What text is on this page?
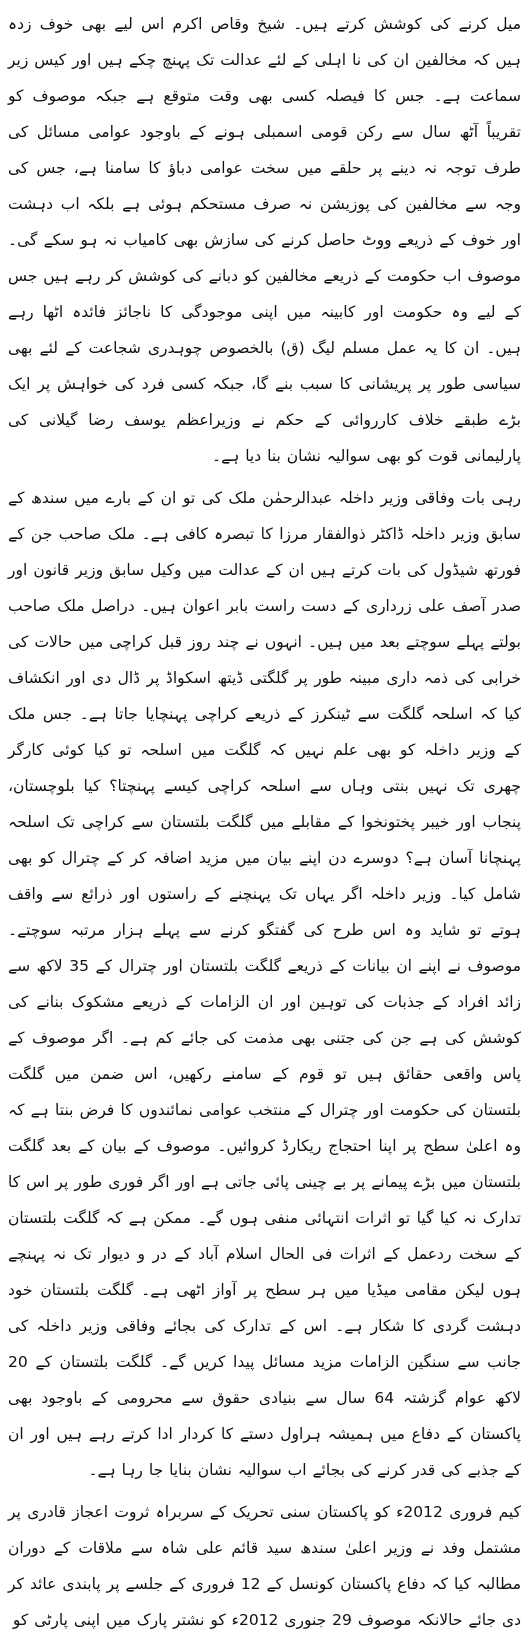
میل کرنے کی کوشش کرتے ہیں۔ شیخ وقاص اکرم اس لیے بھی خوف زدہ ہیں کہ مخالفین ان کی نا اہلی کے لئے عدالت تک پہنچ چکے ہیں اور کیس زیر سماعت ہے۔ جس کا فیصلہ کسی بھی وقت متوقع ہے جبکہ موصوف کو تقریباً آٹھ سال سے رکن قومی اسمبلی ہونے کے باوجود عوامی مسائل کی طرف توجہ نہ دینے پر حلقے میں سخت عوامی دباؤ کا سامنا ہے، جس کی وجہ سے مخالفین کی پوزیشن نہ صرف مستحکم ہوئی ہے بلکہ اب دہشت اور خوف کے ذریعے ووٹ حاصل کرنے کی سازش بھی کامیاب نہ ہو سکے گی۔ موصوف اب حکومت کے ذریعے مخالفین کو دبانے کی کوشش کر رہے ہیں جس کے لیے وہ حکومت اور کابینہ میں اپنی موجودگی کا ناجائز فائدہ اٹھا رہے ہیں۔ ان کا یہ عمل مسلم لیگ (ق) بالخصوص چوہدری شجاعت کے لئے بھی سیاسی طور پر پریشانی کا سبب بنے گا، جبکہ کسی فرد کی خواہش پر ایک بڑے طبقے خلاف کارروائی کے حکم نے وزیراعظم یوسف رضا گیلانی کی پارلیمانی قوت کو بھی سوالیہ نشان بنا دیا ہے۔

رہی بات وفاقی وزیر داخلہ عبدالرحمٰن ملک کی تو ان کے بارے میں سندھ کے سابق وزیر داخلہ ڈاکٹر ذوالفقار مرزا کا تبصرہ کافی ہے۔ ملک صاحب جن کے فورتھ شیڈول کی بات کرتے ہیں ان کے عدالت میں وکیل سابق وزیر قانون اور صدر آصف علی زرداری کے دست راست بابر اعوان ہیں۔ دراصل ملک صاحب بولتے پہلے سوچتے بعد میں ہیں۔ انہوں نے چند روز قبل کراچی میں حالات کی خرابی کی ذمہ داری مبینہ طور پر گلگتی ڈیتھ اسکواڈ پر ڈال دی اور انکشاف کیا کہ اسلحہ گلگت سے ٹینکرز کے ذریعے کراچی پہنچایا جاتا ہے۔ جس ملک کے وزیر داخلہ کو بھی علم نہیں کہ گلگت میں اسلحہ تو کیا کوئی کارگر چھری تک نہیں بنتی وہاں سے اسلحہ کراچی کیسے پہنچتا؟ کیا بلوچستان، پنجاب اور خیبر پختونخوا کے مقابلے میں گلگت بلتستان سے کراچی تک اسلحہ پہنچانا آسان ہے؟ دوسرے دن اپنے بیان میں مزید اضافہ کر کے چترال کو بھی شامل کیا۔ وزیر داخلہ اگر یہاں تک پہنچنے کے راستوں اور ذرائع سے واقف ہوتے تو شاید وہ اس طرح کی گفتگو کرنے سے پہلے ہزار مرتبہ سوچتے۔ موصوف نے اپنے ان بیانات کے ذریعے گلگت بلتستان اور چترال کے 35 لاکھ سے زائد افراد کے جذبات کی توہین اور ان الزامات کے ذریعے مشکوک بنانے کی کوشش کی ہے جن کی جتنی بھی مذمت کی جائے کم ہے۔ اگر موصوف کے پاس واقعی حقائق ہیں تو قوم کے سامنے رکھیں، اس ضمن میں گلگت بلتستان کی حکومت اور چترال کے منتخب عوامی نمائندوں کا فرض بنتا ہے کہ وہ اعلیٰ سطح پر اپنا احتجاج ریکارڈ کروائیں۔ موصوف کے بیان کے بعد گلگت بلتستان میں بڑے پیمانے پر بے چینی پائی جاتی ہے اور اگر فوری طور پر اس کا تدارک نہ کیا گیا تو اثرات انتہائی منفی ہوں گے۔ ممکن ہے کہ گلگت بلتستان کے سخت ردعمل کے اثرات فی الحال اسلام آباد کے در و دیوار تک نہ پہنچے ہوں لیکن مقامی میڈیا میں ہر سطح پر آواز اٹھی ہے۔ گلگت بلتستان خود دہشت گردی کا شکار ہے۔ اس کے تدارک کی بجائے وفاقی وزیر داخلہ کی جانب سے سنگین الزامات مزید مسائل پیدا کریں گے۔ گلگت بلتستان کے 20 لاکھ عوام گزشتہ 64 سال سے بنیادی حقوق سے محرومی کے باوجود بھی پاکستان کے دفاع میں ہمیشہ ہراول دستے کا کردار ادا کرتے رہے ہیں اور ان کے جذبے کی قدر کرنے کی بجائے اب سوالیہ نشان بنایا جا رہا ہے۔

کیم فروری 2012ء کو پاکستان سنی تحریک کے سربراہ ثروت اعجاز قادری پر مشتمل وفد نے وزیر اعلیٰ سندھ سید قائم علی شاہ سے ملاقات کے دوران مطالبہ کیا کہ دفاع پاکستان کونسل کے 12 فروری کے جلسے پر پابندی عائد کر دی جائے حالانکہ موصوف 29 جنوری 2012ء کو نشتر پارک میں اپنی پارٹی کو
